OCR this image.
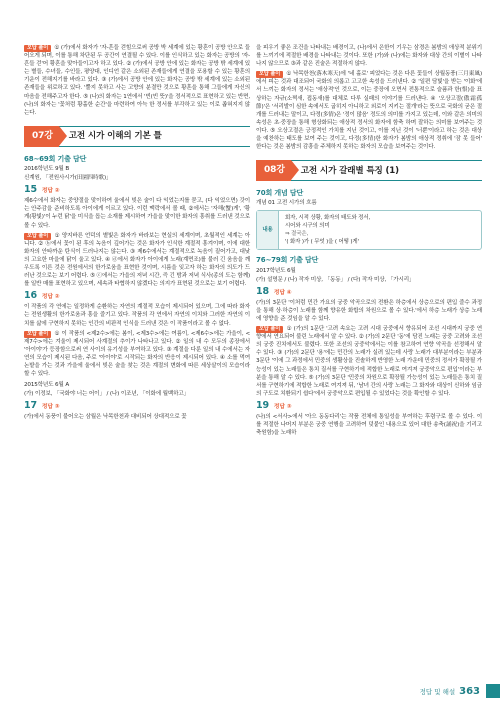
오답 풀이 ① (가)에서 화자가 '자-흔들 걷힘으로써 공방 박 세계에 있는 황혼이 공방 안으로 들어오게 되며, 이를 통해 차단된 두 공간이 연결될 수 있다. 이를 인식하고 있는 화자는 공방의 '자-흔들 걷'어 황혼을 맞아들이고자 하고 있다. ② (가)에서 공방 안에 있는 화자는 공방 밖 세계에 있는 별들, 수녀들, 수인들, 평양대, 인디언 같은 소외된 존재들에게 연결을 포용할 수 있는 황혼의 기운이 전해지기를 바라고 있다. ③ (가)에서 공방 안에 있는 화자는 공방 밖 세계에 있는 소외된 존재들을 위로하고 있다. '뿔지 못하고 사는 고향의 분결만 것으로 황혼을 통해 그들에게 자신의 마음을 전해주고자 한다. ⑤ (나)의 화자는 1연에서 '빈(빈 뜻)'을 정서적으로 표현하고 있는 반면, (나)의 화자는 '꽃처럼 황홀한 순간'을 마련하여 아늑 한 정서를 부각하고 있는 이로 좁혀지지 않는다.

07강	고전 시가 이해의 기본 틀
68~69회 기출 담단
2016학년도 9월 B
신계원, 「전원사시가(田園四時歌)」
15 정답 ②

제6수에서 화자는 중양절을 맞이하여 울에서 빚은 술이 다 익었는지를 묻고, (다 익었으면) 갓이는 안주감을 준비하도록 아이에게 이르고 있다. 이런 맥락에서 볼 때, ②에서는 '자해(蟹)게', '황게(황빛)'이 누런 닭'을 미식을 돕는 소재를 제시하여 가을을 맞이한 화자의 흥취를 드러낸 것으로 볼 수 있다.

오답 풀이 ① 양지바른 언덕의 볕빛은 화자가 바라보는 현실의 세계이며, 초월적인 세계는 아니다. ② ⓑ에서 꽃이 된 후의 녹음이 깊어가는 것은 화자가 인식한 계절적 흥겨이며, 이에 대한 화자의 안타까운 탄식이 드러나지는 않는다. ③ 제6수에서는 계절적으로 녹음이 짙어가고, 대낮의 고요한 마을에 닭이 울고 있다. ④ ⓓ에서 화자가 아이에게 노래(계면조)를 불러 긴 움음을 깨우도록 이른 것은 전원에서의 한가로움을 표현한 것이며, 시름을 잊고자 하는 화자의 의도가 드러난 것으로는 보기 어렵다. ⑤ ⓒ에서는 가을의 저녁 시간, 즉 긴 밤과 저녁 식사(종의 도는 함께)를 일반 매를 표현하고 있으며, 세속과 타협하지 않겠다는 의지가 표현된 것으로는 보기 어렵다.

16 정답 ②

이 작품의 각 연에는 일정하게 순환하는 자연의 계절적 모습이 제시되어 있으며, 그에 따라 화자는 전원생활의 한가로움과 흥을 즐기고 있다. 작품의 각 연에서 자연의 이치와 그러한 자연의 이치를 삶에 구현하지 못하는 인간의 비판적 인식을 드러낸 것은 이 작품이라고 볼 수 없다.

오답 풀이 ① 이 작품의 <제2수>에는 봄이, <제3수>에는 여름이, <제6수>에는 가을이, <제7수>에는 겨울이 제시되어 사계절의 추이가 나타나고 있다. ② 일의 내 수 모두의 종장에서 '아이야'가 등장함으로써 연 사이의 유기성을 부여하고 있다. ③ 계절을 다룬 일의 내 수에서는 자연의 모습이 제시된 다음, 주로 '아이야'로 시작되는 화자의 반응이 제시되어 있다. ④ 소를 먹여 논밭을 가는 것과 가을에 울에서 빚은 술을 찾는 것은 계절의 변화에 따른 세상살이의 모습이라 할 수 있다.

2015학년도 6월 A
(가) 이정보, 「국화야 너는 어이」 / (나) 이조년, 「이화에 월백하고」
17 정답 ③

(가)에서 동풍이 불어오는 삼월은 낙목한천과 대비되어 상대적으로 꽃

을 피우기 좋은 조건을 나타내는 배경이고, (나)에서 은한이 기우는 삼경은 봄밤의 애상적 분위기를 느끼기에 적절한 배경을 나타내는 것이다. 또한 (가)와 (나)에는 화자와 대상 간의 이별이 나타나지 않으므로 ③과 같은 진술은 적절하지 않다.

오답 풀이 ① 낙목한천(落木寒天)에 '네 홀로' 피었다는 것은 다른 꽃들이 상월동풍(三月東風)에서 피는 것과 대조되어 국화의 의롭고 고고한 속성을 드러낸다. ② '일편 담빛'을 받는 '이화'에서 느끼는 화자의 정서는 '애상적'인 것으로, 이는 중장에 오면서 전통적으로 슬픔과 한(恨)을 표상하는 자규(소쩍새, 접동새)를 대체로 다루 실패의 이야기를 드러낸다. ④ '오상고절(傲霜孤節)'은 '서리발이 심한 속에서도 굽히지 아니하고 외로이 지키는 절개'라는 뜻으로 국화의 굳은 절개를 드러내는 말이고, 다정(多情)은 '정이 많음' 정도의 의미를 가지고 있는데, 이와 같은 의미의 속성은 초·중장을 통해 형상화되는 애상적 정서의 화자에 함축 하며 잘하는 의미를 보여주는 것이다. ⑤ 오상고절은 긍정적인 가치를 지닌 것이고, 이를 지닌 것이 '너뿐'이라고 하는 것은 대상을 예찬하는 태도를 보여 주는 것이고, 다정(多情)한 화자가 봄밤의 애상적 정취에 '잠 못 들어' 한다는 것은 봄밤의 감흥을 주체하지 못하는 화자의 모습을 보여주는 것이다.

08강	고전 시가 갈래별 특징 (1)
70회 개념 담단
개념 01 고전 시가의 흐름
내용
회자, 시적 상황, 화자의 태도와 정서,
시어와 시구의 의미
⇒ 결국은,
'( 화자 )가 ( 무엇 )을 ( 어떻 )게'
76~79회 기출 담단
2017학년도 6월
(가) 설명문 / (나) 작자 미상, 「동동」 / (다) 작자 미상, 「가시리」
18 정답 ④

(가)의 3문단 '이처럼 민간 가요의 궁중 악곡으로의 전환은 하층에서 상층으로의 편입 즐수 과정을 통해 상·하층이 노래를 함께 향유한 화합의 차원으로 볼 수 있다.'에서 하층 노래가 상층 노래에 영향을 준 것임을 알 수 있다.

오답 풀이 ① (가)의 1문단 '고려 속요는 고려 시대 궁중에서 향유되어 조선 시대까지 궁중 연향에서 연요되어 불린 노래에서 알 수 있다. ② (가)의 2문단 '동'에 담진 노래는 궁중 고려와 조선의 궁중 진치에서도 불렸다. 또한 조선의 궁중악에서는 이를 참고하여 연향 악곡을 선정해서 알 수 있다. ③ (가)의 2문단 '용'에는 민간의 노래가 실려 있는데 사랑 노래가 대부분이라는 부분과 3문단 '이에 그 과정에서 민중의 생활상을 진솔하게 반영한 노래 가운데 민중의 정서가 확장될 가능성이 있는 노래들은 통치 질서를 구현하기에 적합한 노래로 여겨져 궁중악으로 편입'이라는 부분을 통해 알 수 있다. ⑤ (가)의 3문단 '민중의 차원으로 확장될 가능성이 있는 노래들은 통치 질서를 구현하기에 적합한 노래로 여겨져 뒤, '남녀 간의 사랑 노래는 그 화자와 대상이 신하와 임금의 구도로 치환되기 쉽다'에서 궁중악으로 편입될 수 있었다는 것을 확인할 수 있다.

19 정답 ③

(나)의 <서사>에서 '아으 동동다리'는 작품 전체에 통일성을 부여하는 후렴구로 볼 수 있다. 이를 적절한 나머지 부분은 궁중 연행을 고려하여 덧붙인 내용으로 있어 대한 송축(誦祝)을 기리고 축원함)을 노래하

정답 및 해설 363
